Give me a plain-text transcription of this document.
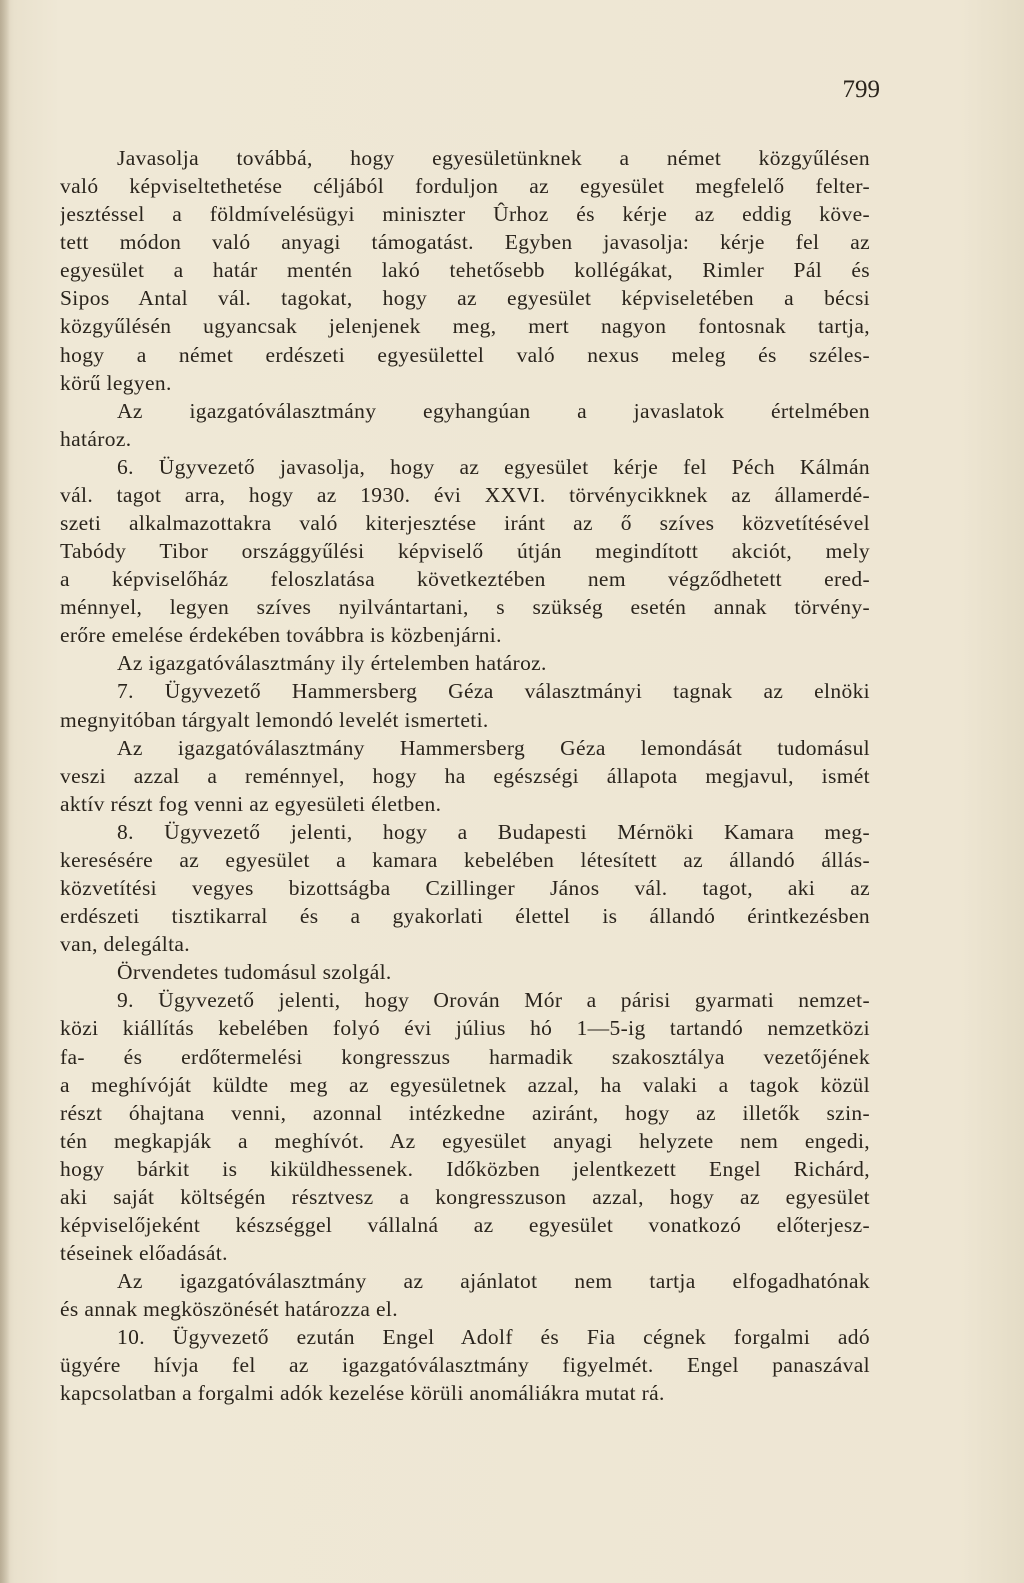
799
Javasolja továbbá, hogy egyesületünknek a német közgyűlésen
való képviseltethetése céljából forduljon az egyesület megfelelő felter-
jesztéssel a földmívelésügyi miniszter Ûrhoz és kérje az eddig köve-
tett módon való anyagi támogatást. Egyben javasolja: kérje fel az
egyesület a határ mentén lakó tehetősebb kollégákat, Rimler Pál és
Sipos Antal vál. tagokat, hogy az egyesület képviseletében a bécsi
közgyűlésén ugyancsak jelenjenek meg, mert nagyon fontosnak tartja,
hogy a német erdészeti egyesülettel való nexus meleg és széles-
körű legyen.
Az igazgatóválasztmány egyhangúan a javaslatok értelmében
határoz.
6. Ügyvezető javasolja, hogy az egyesület kérje fel Péch Kálmán
vál. tagot arra, hogy az 1930. évi XXVI. törvénycikknek az államerdé-
szeti alkalmazottakra való kiterjesztése iránt az ő szíves közvetítésével
Tabódy Tibor országgyűlési képviselő útján megindított akciót, mely
a képviselőház feloszlatása következtében nem végződhetett ered-
ménnyel, legyen szíves nyilvántartani, s szükség esetén annak törvény-
erőre emelése érdekében továbbra is közbenjárni.
Az igazgatóválasztmány ily értelemben határoz.
7. Ügyvezető Hammersberg Géza választmányi tagnak az elnöki
megnyitóban tárgyalt lemondó levelét ismerteti.
Az igazgatóválasztmány Hammersberg Géza lemondását tudomásul
veszi azzal a reménnyel, hogy ha egészségi állapota megjavul, ismét
aktív részt fog venni az egyesületi életben.
8. Ügyvezető jelenti, hogy a Budapesti Mérnöki Kamara meg-
keresésére az egyesület a kamara kebelében létesített az állandó állás-
közvetítési vegyes bizottságba Czillinger János vál. tagot, aki az
erdészeti tisztikarral és a gyakorlati élettel is állandó érintkezésben
van, delegálta.
Örvendetes tudomásul szolgál.
9. Ügyvezető jelenti, hogy Orován Mór a párisi gyarmati nemzet-
közi kiállítás kebelében folyó évi július hó 1—5-ig tartandó nemzetközi
fa- és erdőtermelési kongresszus harmadik szakosztálya vezetőjének
a meghívóját küldte meg az egyesületnek azzal, ha valaki a tagok közül
részt óhajtana venni, azonnal intézkedne aziránt, hogy az illetők szin-
tén megkapják a meghívót. Az egyesület anyagi helyzete nem engedi,
hogy bárkit is kiküldhessenek. Időközben jelentkezett Engel Richárd,
aki saját költségén résztvesz a kongresszuson azzal, hogy az egyesület
képviselőjeként készséggel vállalná az egyesület vonatkozó előterjesz-
téseinek előadását.
Az igazgatóválasztmány az ajánlatot nem tartja elfogadhatónak
és annak megköszönését határozza el.
10. Ügyvezető ezután Engel Adolf és Fia cégnek forgalmi adó
ügyére hívja fel az igazgatóválasztmány figyelmét. Engel panaszával
kapcsolatban a forgalmi adók kezelése körüli anomáliákra mutat rá.
